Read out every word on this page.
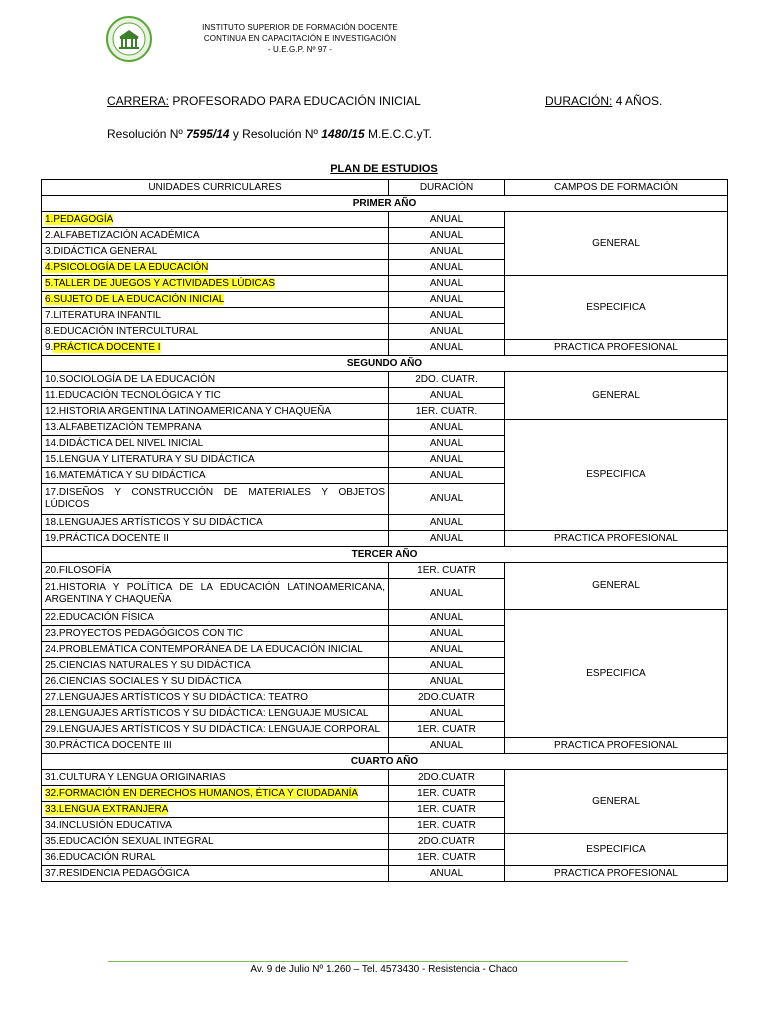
INSTITUTO SUPERIOR DE FORMACIÓN DOCENTE
CONTINUA EN CAPACITACIÓN E INVESTIGACIÓN
- U.E.G.P. Nº 97 -
CARRERA: PROFESORADO PARA EDUCACIÓN INICIAL	DURACIÓN: 4 AÑOS.
Resolución Nº 7595/14 y Resolución Nº 1480/15 M.E.C.C.yT.
PLAN DE ESTUDIOS
UNIDADES CURRICULARES	DURACIÓN	CAMPOS DE FORMACIÓN
PRIMER AÑO		
1.PEDAGOGÍA	ANUAL	GENERAL
2.ALFABETIZACIÓN ACADÉMICA	ANUAL	
3.DIDÁCTICA GENERAL	ANUAL	
4.PSICOLOGÍA DE LA EDUCACIÓN	ANUAL	
5.TALLER DE JUEGOS Y ACTIVIDADES LÚDICAS	ANUAL	ESPECIFICA
6.SUJETO DE LA EDUCACIÓN INICIAL	ANUAL	
7.LITERATURA INFANTIL	ANUAL	
8.EDUCACIÓN INTERCULTURAL	ANUAL	
9.PRÁCTICA DOCENTE I	ANUAL	PRACTICA PROFESIONAL
SEGUNDO AÑO		
10.SOCIOLOGÍA DE LA EDUCACIÓN	2DO. CUATR.	GENERAL
11.EDUCACIÓN TECNOLÓGICA Y TIC	ANUAL	
12.HISTORIA ARGENTINA LATINOAMERICANA Y CHAQUEÑA	1ER. CUATR.	
13.ALFABETIZACIÓN TEMPRANA	ANUAL	ESPECIFICA
14.DIDÁCTICA DEL NIVEL INICIAL	ANUAL	
15.LENGUA Y LITERATURA Y SU DIDÁCTICA	ANUAL	
16.MATEMÁTICA Y SU DIDÁCTICA	ANUAL	
17.DISEÑOS Y CONSTRUCCIÓN DE MATERIALES Y OBJETOS LÚDICOS	ANUAL	
18.LENGUAJES ARTÍSTICOS Y SU DIDÁCTICA	ANUAL	
19.PRÁCTICA DOCENTE II	ANUAL	PRACTICA PROFESIONAL
TERCER AÑO		
20.FILOSOFÍA	1ER. CUATR	GENERAL
21.HISTORIA Y POLÍTICA DE LA EDUCACIÓN LATINOAMERICANA, ARGENTINA Y CHAQUEÑA	ANUAL	
22.EDUCACIÓN FÍSICA	ANUAL	ESPECIFICA
23.PROYECTOS PEDAGÓGICOS CON TIC	ANUAL	
24.PROBLEMÁTICA CONTEMPORÁNEA DE LA EDUCACIÓN INICIAL	ANUAL	
25.CIENCIAS NATURALES Y SU DIDÁCTICA	ANUAL	
26.CIENCIAS SOCIALES Y SU DIDÁCTICA	ANUAL	
27.LENGUAJES ARTÍSTICOS Y SU DIDÁCTICA: TEATRO	2DO.CUATR	
28.LENGUAJES ARTÍSTICOS Y SU DIDÁCTICA: LENGUAJE MUSICAL	ANUAL	
29.LENGUAJES ARTÍSTICOS Y SU DIDÁCTICA: LENGUAJE CORPORAL	1ER. CUATR	
30.PRÁCTICA DOCENTE III	ANUAL	PRACTICA PROFESIONAL
CUARTO AÑO		
31.CULTURA Y LENGUA ORIGINARIAS	2DO.CUATR	GENERAL
32.FORMACIÓN EN DERECHOS HUMANOS, ÉTICA Y CIUDADANÍA	1ER. CUATR	
33.LENGUA EXTRANJERA	1ER. CUATR	
34.INCLUSIÓN EDUCATIVA	1ER. CUATR	
35.EDUCACIÓN SEXUAL INTEGRAL	2DO.CUATR	ESPECIFICA
36.EDUCACIÓN RURAL	1ER. CUATR	
37.RESIDENCIA PEDAGÓGICA	ANUAL	PRACTICA PROFESIONAL
Av. 9 de Julio Nº 1.260 – Tel. 4573430 - Resistencia - Chaco
